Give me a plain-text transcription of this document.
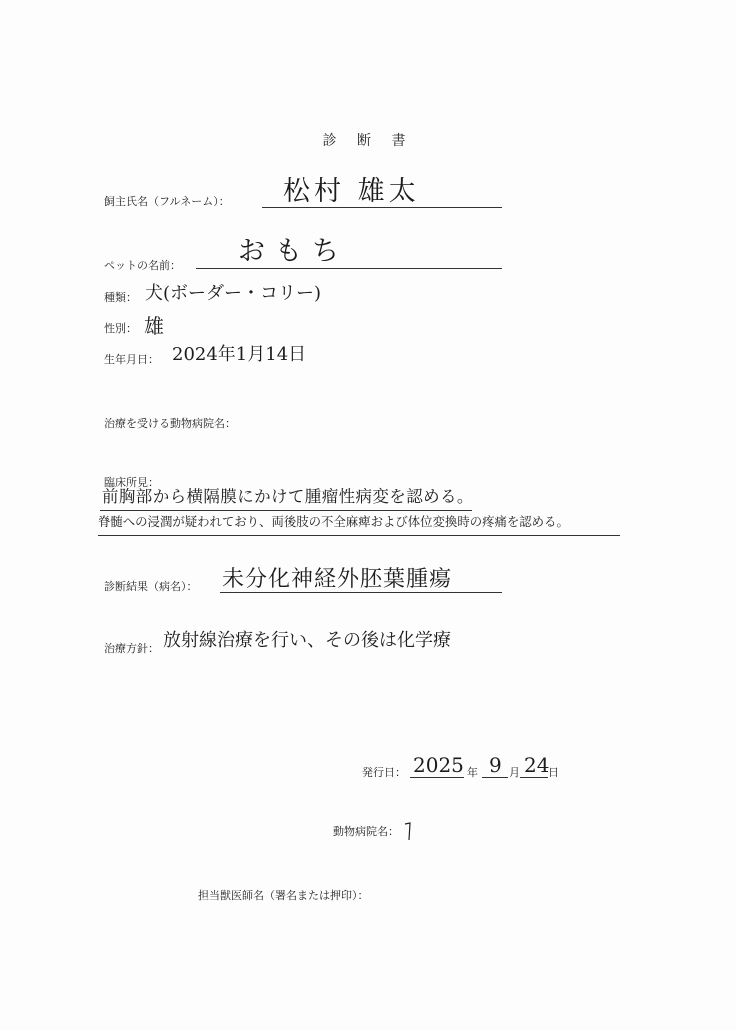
診 断 書
飼主氏名（フルネーム）： 松村 雄太
ペットの名前： おもち
種類： 犬(ボーダー・コリー)
性別： 雄
生年月日： 2024年1月14日
治療を受ける動物病院名：
臨床所見：
前胸部から横隔膜にかけて腫瘤性病変を認める。
脊髄への浸潤が疑われており、両後肢の不全麻痺および体位変換時の疼痛を認める。
診断結果（病名）： 未分化神経外胚葉腫瘍
治療方針： 放射線治療を行い、その後は化学療
発行日： 2025 年 9 月 24
日
動物病院名：
担当獣医師名（署名または押印）：
